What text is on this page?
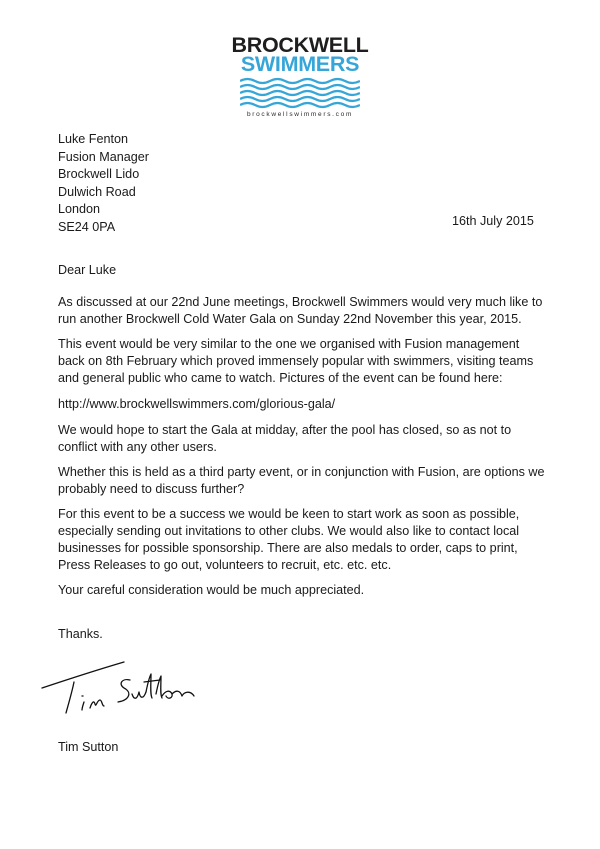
BROCKWELL
SWIMMERS
brockwellswimmers.com
Luke Fenton
Fusion Manager
Brockwell Lido
Dulwich Road
London
SE24 0PA	16th July 2015

Dear Luke

As discussed at our 22nd June meetings, Brockwell Swimmers would very much like to run another Brockwell Cold Water Gala on Sunday 22nd November this year, 2015.

This event would be very similar to the one we organised with Fusion management back on 8th February which proved immensely popular with swimmers, visiting teams and general public who came to watch. Pictures of the event can be found here:

http://www.brockwellswimmers.com/glorious-gala/

We would hope to start the Gala at midday, after the pool has closed, so as not to conflict with any other users.

Whether this is held as a third party event, or in conjunction with Fusion, are options we probably need to discuss further?

For this event to be a success we would be keen to start work as soon as possible, especially sending out invitations to other clubs. We would also like to contact local businesses for possible sponsorship. There are also medals to order, caps to print, Press Releases to go out, volunteers to recruit, etc. etc. etc.

Your careful consideration would be much appreciated.

Thanks.

Tim Sutton
